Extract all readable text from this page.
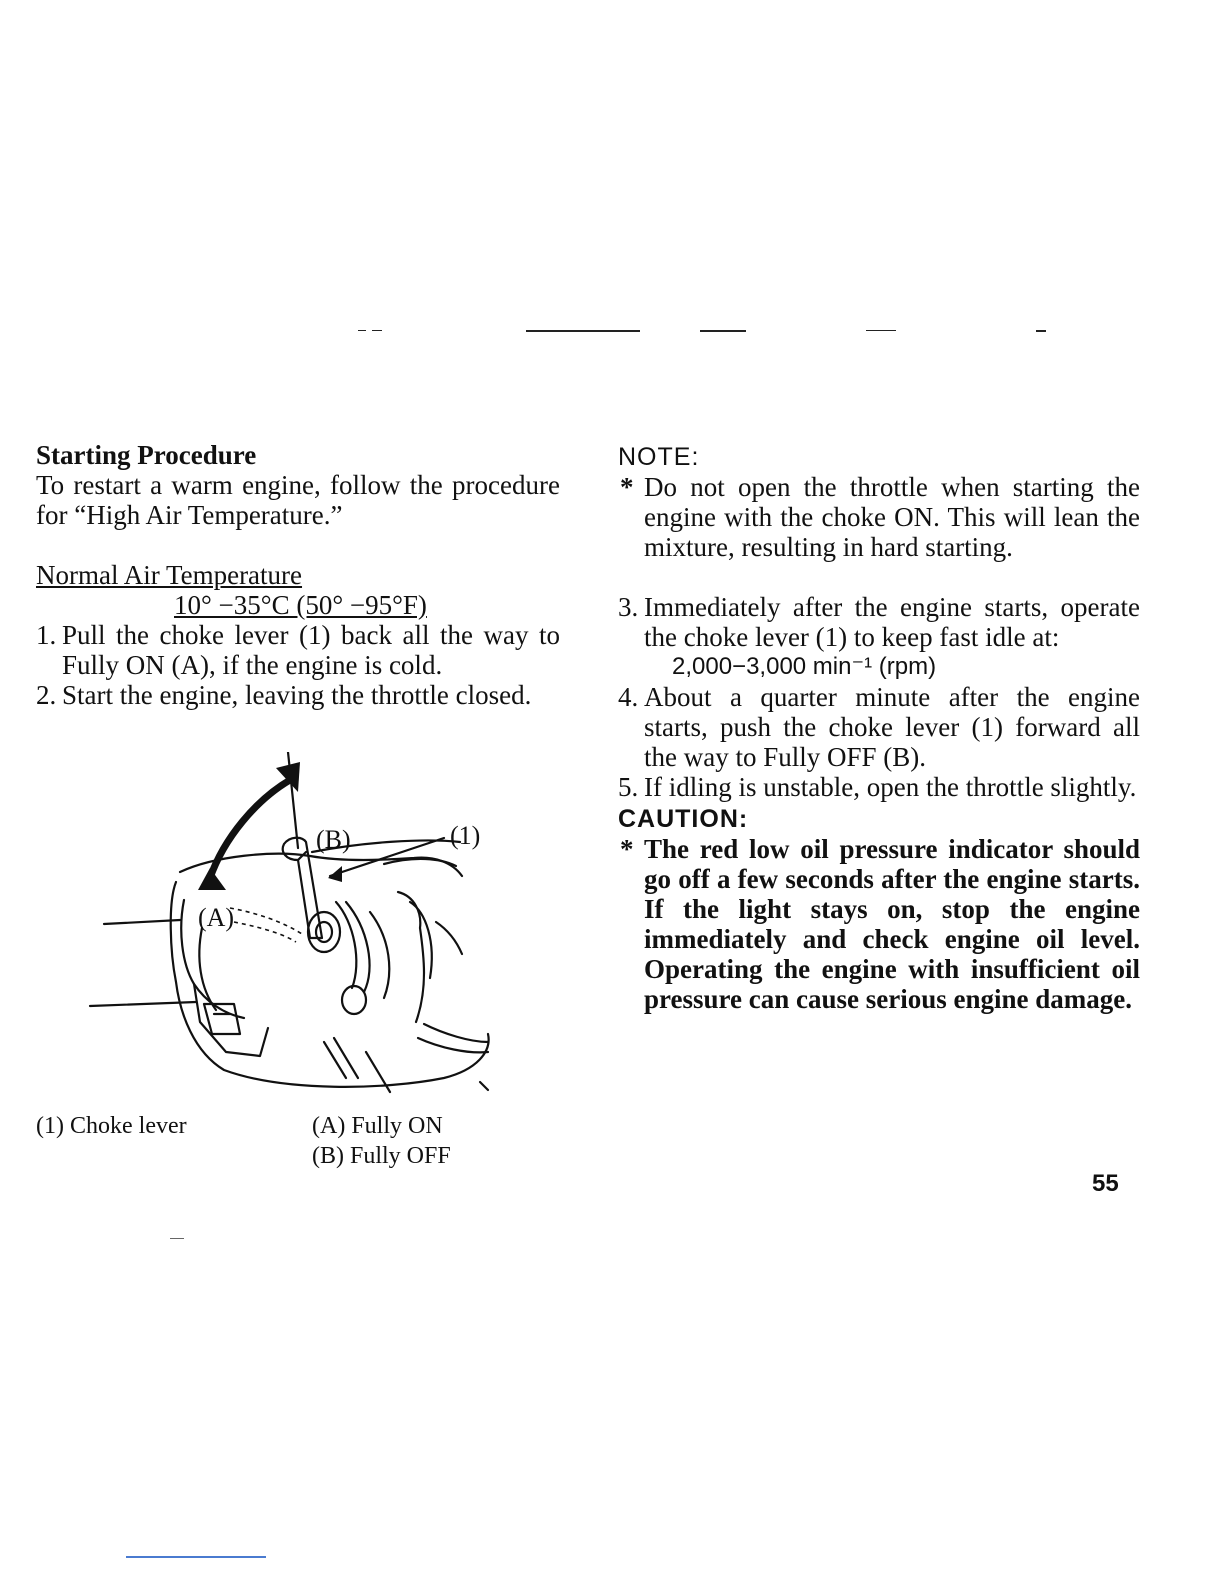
Starting Procedure

To restart a warm engine, follow the procedure for “High Air Temperature.”

Normal Air Temperature
10° −35°C (50° −95°F)
1. Pull the choke lever (1) back all the way to Fully ON (A), if the engine is cold.
2. Start the engine, leaving the throttle closed.
(B)	(1)
(A)
(1) Choke lever	(A) Fully ON
(B) Fully OFF
NOTE:
* Do not open the throttle when starting the engine with the choke ON. This will lean the mixture, resulting in hard starting.
3. Immediately after the engine starts, operate the choke lever (1) to keep fast idle at:
2,000−3,000 min⁻¹ (rpm)
4. About a quarter minute after the engine starts, push the choke lever (1) forward all the way to Fully OFF (B).
5. If idling is unstable, open the throttle slightly.
CAUTION:
* The red low oil pressure indicator should go off a few seconds after the engine starts. If the light stays on, stop the engine immediately and check engine oil level. Operating the engine with insufficient oil pressure can cause serious engine damage.
55
